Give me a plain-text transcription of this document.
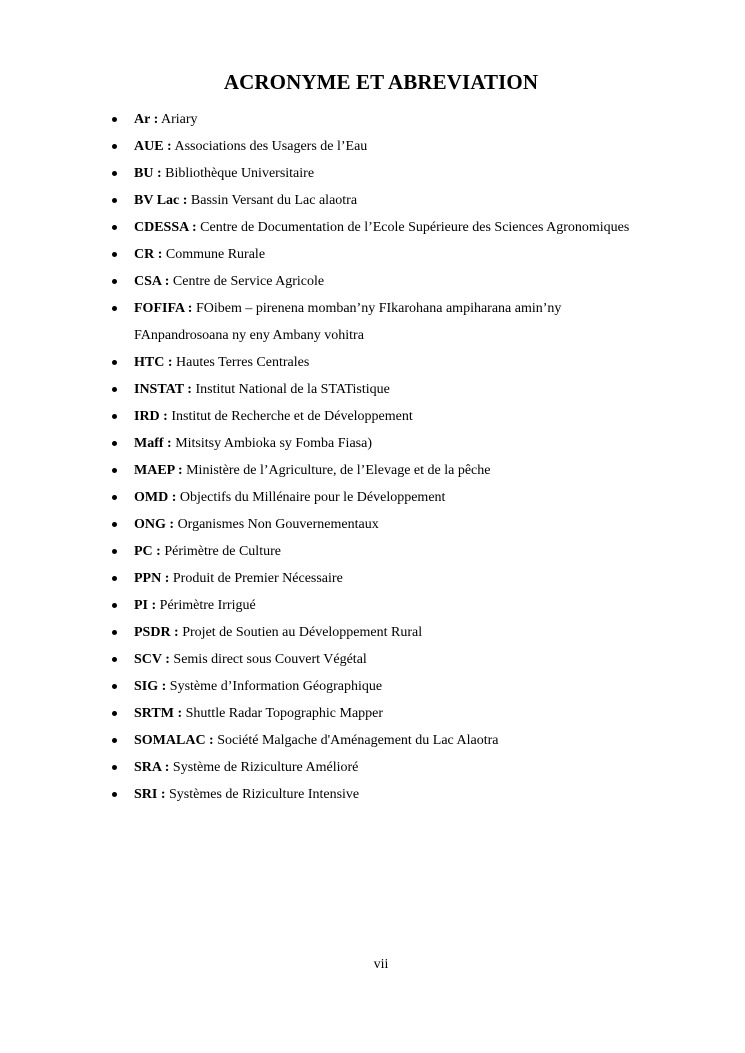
ACRONYME ET ABREVIATION
Ar : Ariary
AUE : Associations des Usagers de l’Eau
BU : Bibliothèque Universitaire
BV Lac : Bassin Versant du Lac alaotra
CDESSA : Centre de Documentation de l’Ecole Supérieure des Sciences Agronomiques
CR : Commune Rurale
CSA : Centre de Service Agricole
FOFIFA : FOibem – pirenena momban’ny FIkarohana ampiharana amin’ny FAnpandrosoana ny eny Ambany vohitra
HTC : Hautes Terres Centrales
INSTAT : Institut National de la STATistique
IRD : Institut de Recherche et de Développement
Maff : Mitsitsy Ambioka sy Fomba Fiasa)
MAEP : Ministère de l’Agriculture, de l’Elevage et de la pêche
OMD : Objectifs du Millénaire pour le Développement
ONG : Organismes Non Gouvernementaux
PC : Périmètre de Culture
PPN : Produit de Premier Nécessaire
PI : Périmètre Irrigué
PSDR : Projet de Soutien au Développement Rural
SCV : Semis direct sous Couvert Végétal
SIG : Système d’Information Géographique
SRTM : Shuttle Radar Topographic Mapper
SOMALAC : Société Malgache d'Aménagement du Lac Alaotra
SRA : Système de Riziculture Amélioré
SRI : Systèmes de Riziculture Intensive
vii
